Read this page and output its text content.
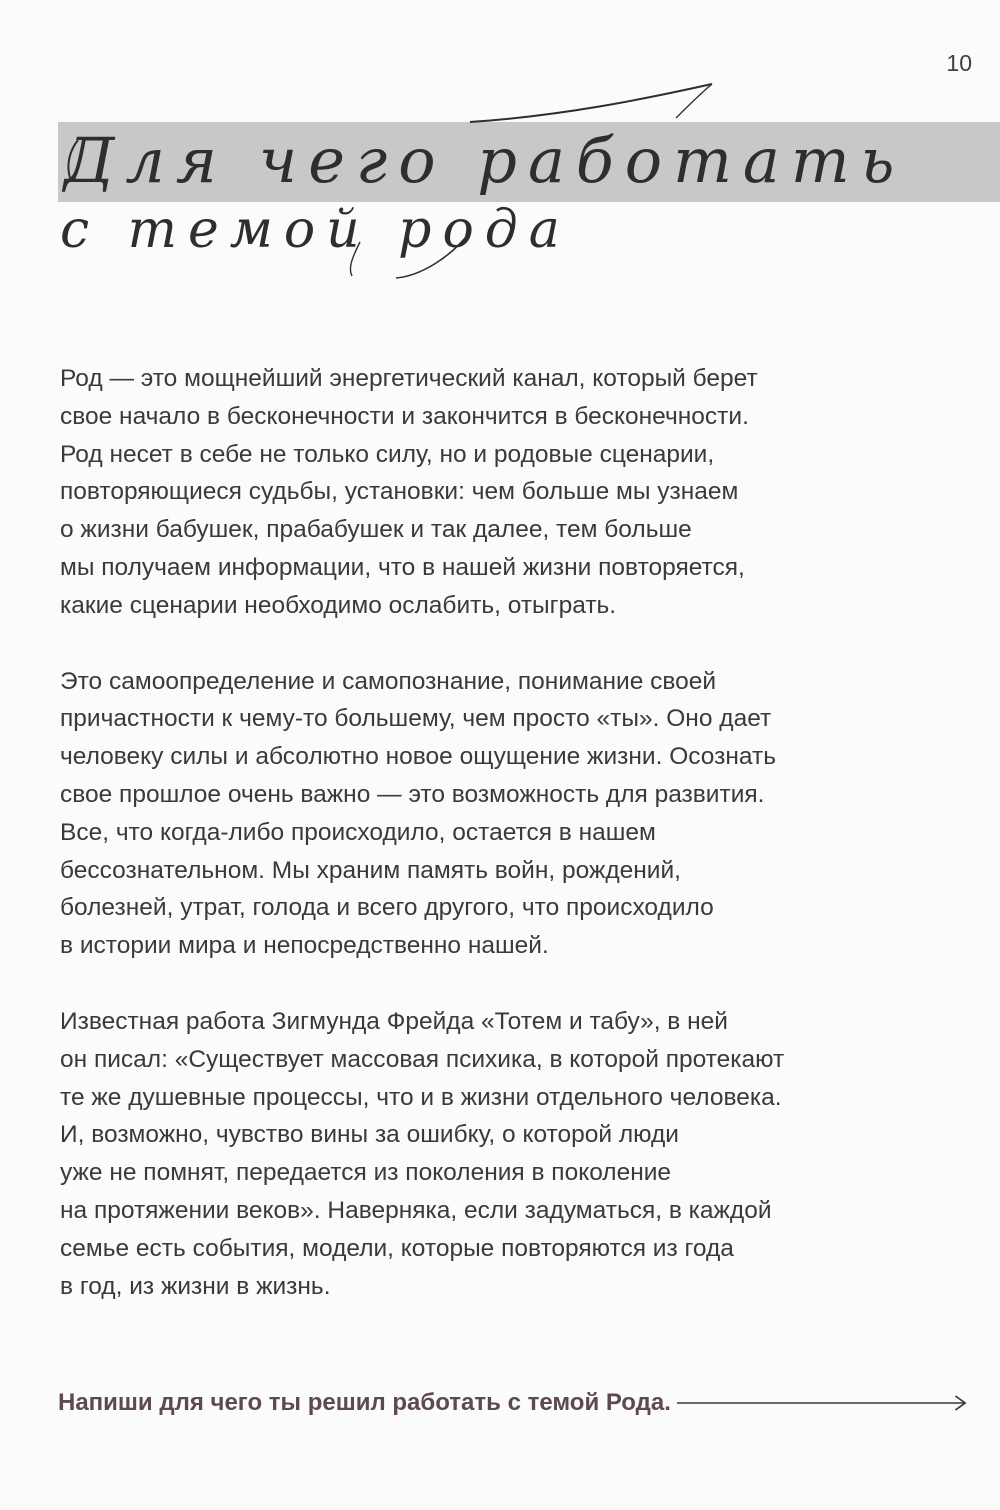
10
Для чего работать
с темой рода

Род — это мощнейший энергетический канал, который берет
свое начало в бесконечности и закончится в бесконечности.
Род несет в себе не только силу, но и родовые сценарии,
повторяющиеся судьбы, установки: чем больше мы узнаем
о жизни бабушек, прабабушек и так далее, тем больше
мы получаем информации, что в нашей жизни повторяется,
какие сценарии необходимо ослабить, отыграть.

Это самоопределение и самопознание, понимание своей
причастности к чему-то большему, чем просто «ты». Оно дает
человеку силы и абсолютно новое ощущение жизни. Осознать
свое прошлое очень важно — это возможность для развития.
Все, что когда-либо происходило, остается в нашем
бессознательном. Мы храним память войн, рождений,
болезней, утрат, голода и всего другого, что происходило
в истории мира и непосредственно нашей.

Известная работа Зигмунда Фрейда «Тотем и табу», в ней
он писал: «Существует массовая психика, в которой протекают
те же душевные процессы, что и в жизни отдельного человека.
И, возможно, чувство вины за ошибку, о которой люди
уже не помнят, передается из поколения в поколение
на протяжении веков». Наверняка, если задуматься, в каждой
семье есть события, модели, которые повторяются из года
в год, из жизни в жизнь.

Напиши для чего ты решил работать с темой Рода.
